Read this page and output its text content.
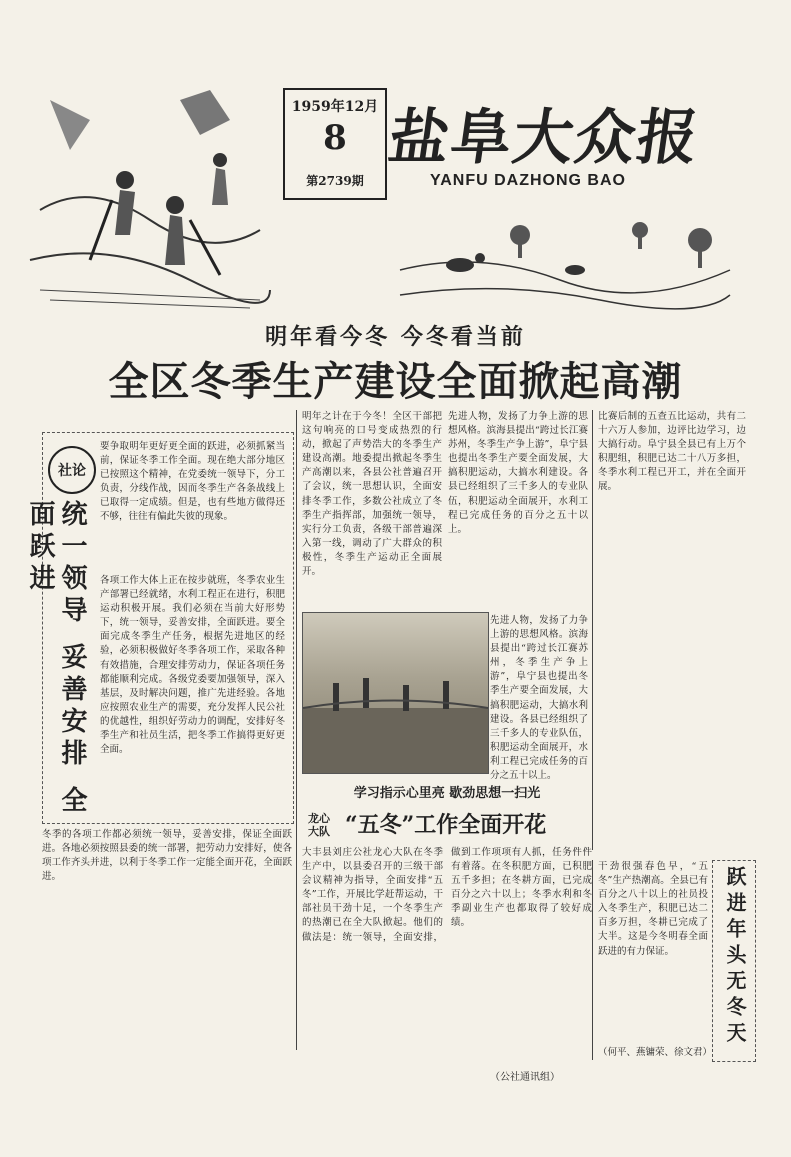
1959年12月
8
第2739期
盐阜大众报
YANFU DAZHONG BAO
明年看今冬 今冬看当前
全区冬季生产建设全面掀起高潮
社论
统一领导 妥善安排 全面跃进
要争取明年更好更全面的跃进，必须抓紧当前，保证冬季工作全面。现在绝大部分地区已按照这个精神，在党委统一领导下，分工负责，分线作战，因而冬季生产各条战线上已取得一定成绩。但是，也有些地方做得还不够，往往有偏此失彼的现象。
各项工作大体上正在按步就班，冬季农业生产部署已经就绪，水利工程正在进行，积肥运动积极开展。我们必须在当前大好形势下，统一领导，妥善安排，全面跃进。要全面完成冬季生产任务，根据先进地区的经验，必须积极做好冬季各项工作，采取各种有效措施，合理安排劳动力，保证各项任务都能顺利完成。各级党委要加强领导，深入基层，及时解决问题，推广先进经验。各地应按照农业生产的需要，充分发挥人民公社的优越性，组织好劳动力的调配，安排好冬季生产和社员生活，把冬季工作搞得更好更全面。
冬季的各项工作都必须统一领导，妥善安排，保证全面跃进。各地必须按照县委的统一部署，把劳动力安排好，使各项工作齐头并进，以利于冬季工作一定能全面开花，全面跃进。
明年之计在于今冬！全区干部把这句响亮的口号变成热烈的行动，掀起了声势浩大的冬季生产建设高潮。地委提出掀起冬季生产高潮以来，各县公社普遍召开了会议，统一思想认识，全面安排冬季工作，多数公社成立了冬季生产指挥部，加强统一领导，实行分工负责，各级干部普遍深入第一线，调动了广大群众的积极性，冬季生产运动正全面展开。
先进人物，发扬了力争上游的思想风格。滨海县提出“跨过长江赛苏州，冬季生产争上游”，阜宁县也提出冬季生产要全面发展，大搞积肥运动，大搞水利建设。各县已经组织了三千多人的专业队伍，积肥运动全面展开，水利工程已完成任务的百分之五十以上。
比赛后制的五查五比运动，共有二十六万人参加，边评比边学习，边大搞行动。阜宁县全县已有上万个积肥组，积肥已达二十八万多担，冬季水利工程已开工，并在全面开展。
学习指示心里亮 歇劲思想一扫光
龙心大队 “五冬”工作全面开花
大丰县刘庄公社龙心大队在冬季生产中，以县委召开的三级干部会议精神为指导，全面安排“五冬”工作，开展比学赶帮运动，干部社员干劲十足，一个冬季生产的热潮已在全大队掀起。他们的做法是：统一领导，全面安排，做到工作项项有人抓，任务件件有着落。在冬积肥方面，已积肥五千多担；在冬耕方面，已完成百分之六十以上；冬季水利和冬季副业生产也都取得了较好成绩。
（公社通讯组）
先进人物，发扬了力争上游的思想风格。滨海县提出“跨过长江赛苏州，冬季生产争上游”，阜宁县也提出冬季生产要全面发展，大搞积肥运动，大搞水利建设。各县已经组织了三千多人的专业队伍，积肥运动全面展开，水利工程已完成任务的百分之五十以上。
干劲很强春色早，“五冬”生产热潮高。全县已有百分之八十以上的社员投入冬季生产，积肥已达二百多万担，冬耕已完成了大半。这是今冬明春全面跃进的有力保证。	跃进年头无冬天
（何平、燕镛荣、徐文君）
